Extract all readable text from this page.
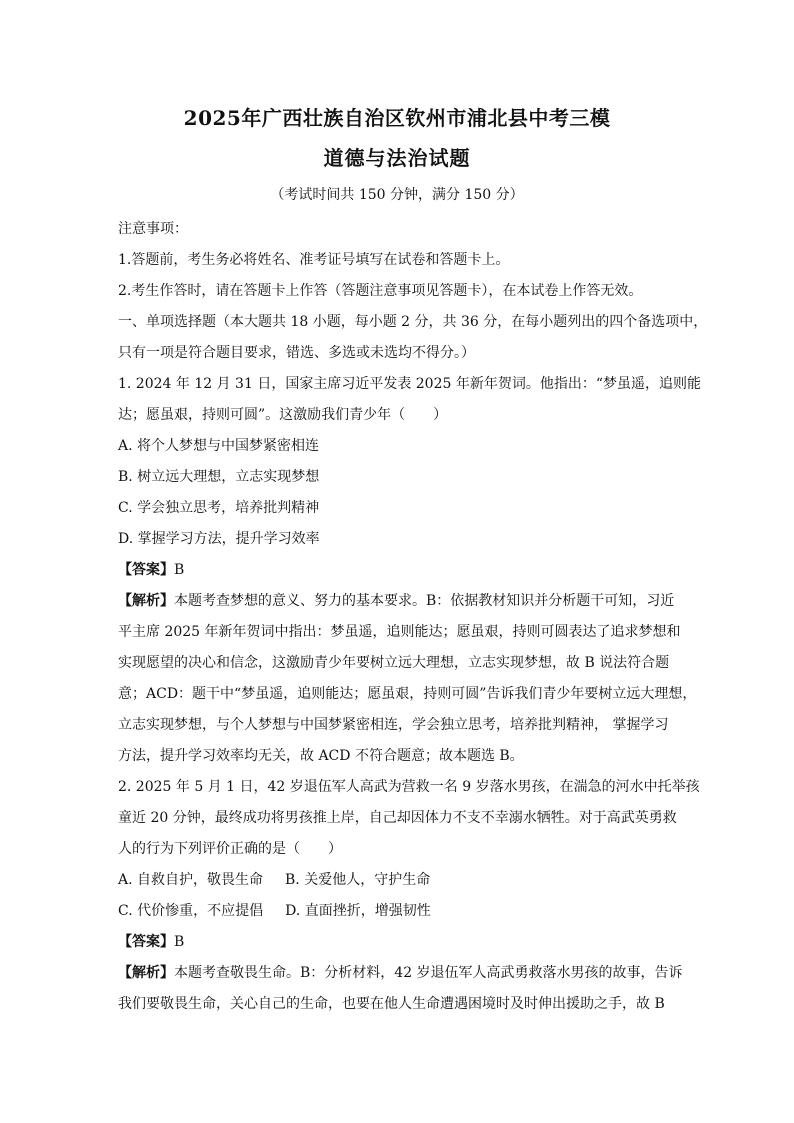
2025年广西壮族自治区钦州市浦北县中考三模
道德与法治试题
（考试时间共 150 分钟，满分 150 分）
注意事项：
1.答题前，考生务必将姓名、准考证号填写在试卷和答题卡上。
2.考生作答时，请在答题卡上作答（答题注意事项见答题卡），在本试卷上作答无效。
一、单项选择题（本大题共 18 小题，每小题 2 分，共 36 分，在每小题列出的四个备选项中，
只有一项是符合题目要求，错选、多选或未选均不得分。）
1. 2024 年 12 月 31 日，国家主席习近平发表 2025 年新年贺词。他指出：“梦虽遥，追则能
达；愿虽艰，持则可圆”。这激励我们青少年（　　）
A. 将个人梦想与中国梦紧密相连
B. 树立远大理想，立志实现梦想
C. 学会独立思考，培养批判精神
D. 掌握学习方法，提升学习效率
【答案】B
【解析】本题考查梦想的意义、努力的基本要求。B：依据教材知识并分析题干可知，习近
平主席 2025 年新年贺词中指出：梦虽遥，追则能达；愿虽艰，持则可圆表达了追求梦想和
实现愿望的决心和信念，这激励青少年要树立远大理想，立志实现梦想，故 B 说法符合题
意；ACD：题干中“梦虽遥，追则能达；愿虽艰，持则可圆”告诉我们青少年要树立远大理想，
立志实现梦想，与个人梦想与中国梦紧密相连，学会独立思考，培养批判精神， 掌握学习
方法，提升学习效率均无关，故 ACD 不符合题意；故本题选 B。
2. 2025 年 5 月 1 日，42 岁退伍军人高武为营救一名 9 岁落水男孩，在湍急的河水中托举孩
童近 20 分钟，最终成功将男孩推上岸，自己却因体力不支不幸溺水牺牲。对于高武英勇救
人的行为下列评价正确的是（　　）
A. 自救自护，敬畏生命 B. 关爱他人，守护生命
C. 代价惨重，不应提倡 D. 直面挫折，增强韧性
【答案】B
【解析】本题考查敬畏生命。B：分析材料，42 岁退伍军人高武勇救落水男孩的故事，告诉
我们要敬畏生命，关心自己的生命，也要在他人生命遭遇困境时及时伸出援助之手，故 B
